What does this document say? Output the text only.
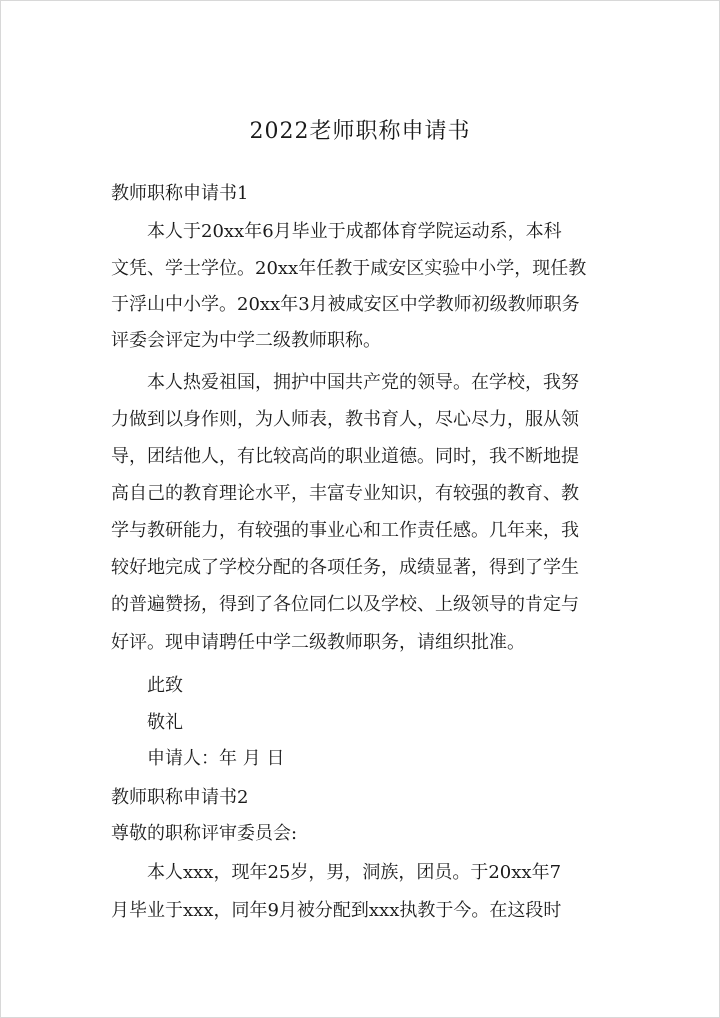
2022老师职称申请书
教师职称申请书1
本人于20xx年6月毕业于成都体育学院运动系，本科
文凭、学士学位。20xx年任教于咸安区实验中小学，现任教
于浮山中小学。20xx年3月被咸安区中学教师初级教师职务
评委会评定为中学二级教师职称。
本人热爱祖国，拥护中国共产党的领导。在学校，我努
力做到以身作则，为人师表，教书育人，尽心尽力，服从领
导，团结他人，有比较高尚的职业道德。同时，我不断地提
高自己的教育理论水平，丰富专业知识，有较强的教育、教
学与教研能力，有较强的事业心和工作责任感。几年来，我
较好地完成了学校分配的各项任务，成绩显著，得到了学生
的普遍赞扬，得到了各位同仁以及学校、上级领导的肯定与
好评。现申请聘任中学二级教师职务，请组织批准。
此致
敬礼
申请人：年 月 日
教师职称申请书2
尊敬的职称评审委员会:
本人xxx，现年25岁，男，洞族，团员。于20xx年7
月毕业于xxx，同年9月被分配到xxx执教于今。在这段时
